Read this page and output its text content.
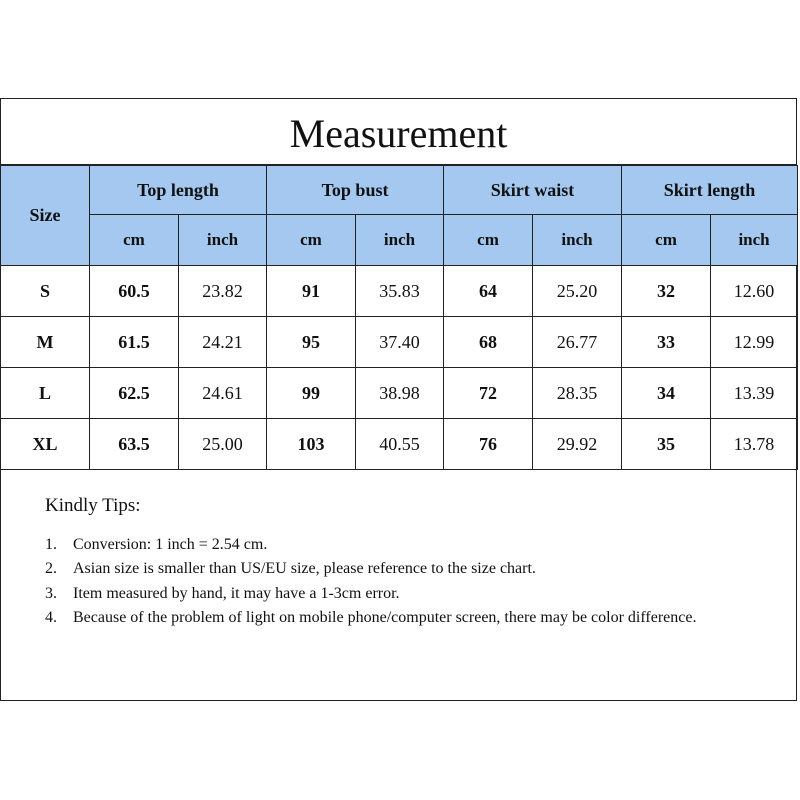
Measurement
Size	Top length		Top bust		Skirt waist		Skirt length	
	cm	inch	cm	inch	cm	inch	cm	inch
S	60.5	23.82	91	35.83	64	25.20	32	12.60
M	61.5	24.21	95	37.40	68	26.77	33	12.99
L	62.5	24.61	99	38.98	72	28.35	34	13.39
XL	63.5	25.00	103	40.55	76	29.92	35	13.78
Kindly Tips:
1. Conversion: 1 inch = 2.54 cm.
2. Asian size is smaller than US/EU size, please reference to the size chart.
3. Item measured by hand, it may have a 1-3cm error.
4. Because of the problem of light on mobile phone/computer screen, there may be color difference.
